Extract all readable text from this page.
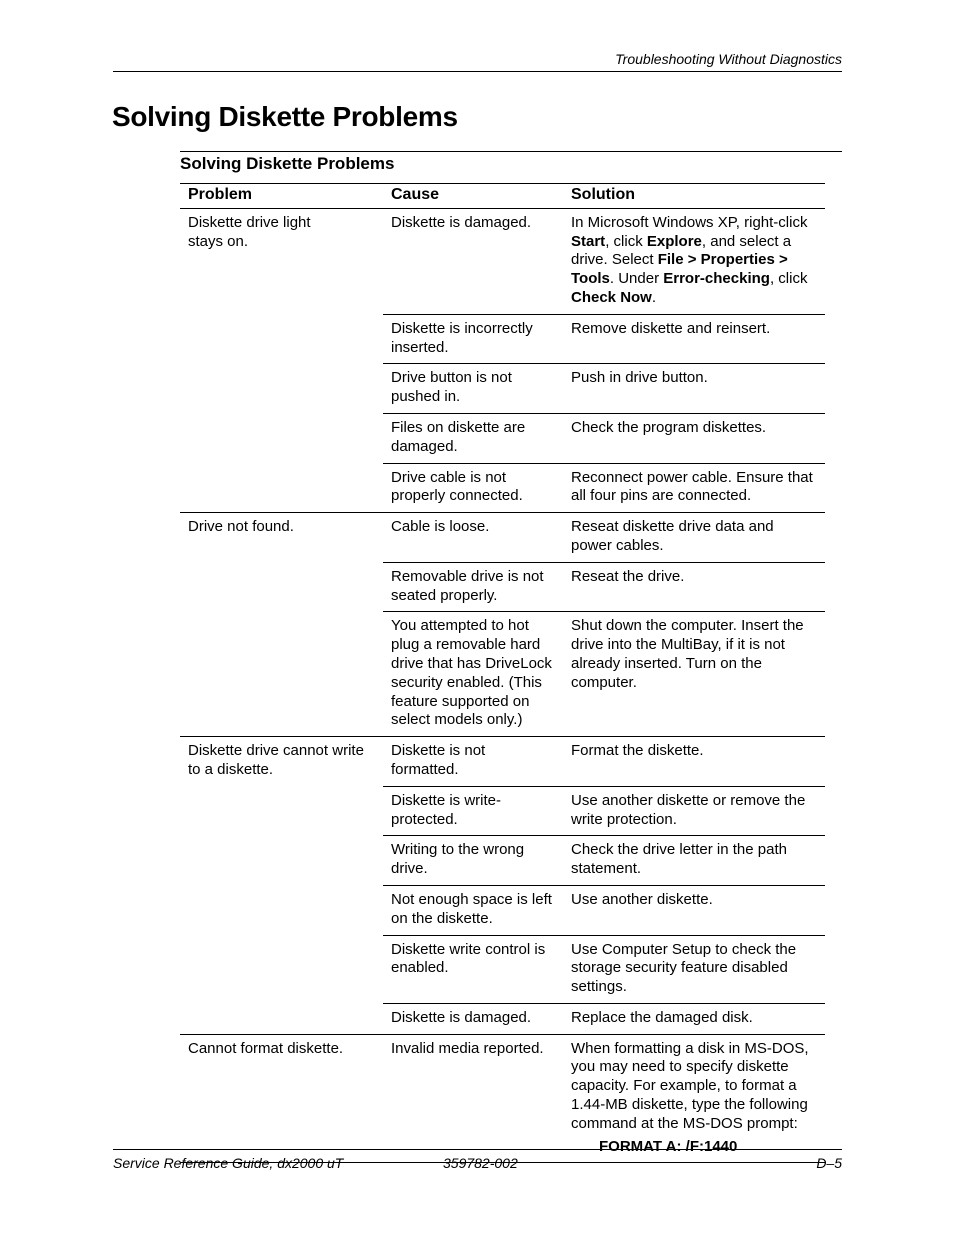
Troubleshooting Without Diagnostics
Solving Diskette Problems
Solving Diskette Problems
Problem	Cause	Solution

Diskette drive light stays on.	Diskette is damaged.	In Microsoft Windows XP, right-click Start, click Explore, and select a drive. Select File > Properties > Tools. Under Error-checking, click Check Now.
	Diskette is incorrectly inserted.	Remove diskette and reinsert.
	Drive button is not pushed in.	Push in drive button.
	Files on diskette are damaged.	Check the program diskettes.
	Drive cable is not properly connected.	Reconnect power cable. Ensure that all four pins are connected.
Drive not found.	Cable is loose.	Reseat diskette drive data and power cables.
	Removable drive is not seated properly.	Reseat the drive.
	You attempted to hot plug a removable hard drive that has DriveLock security enabled. (This feature supported on select models only.)	Shut down the computer. Insert the drive into the MultiBay, if it is not already inserted. Turn on the computer.
Diskette drive cannot write to a diskette.	Diskette is not formatted.	Format the diskette.
	Diskette is write-protected.	Use another diskette or remove the write protection.
	Writing to the wrong drive.	Check the drive letter in the path statement.
	Not enough space is left on the diskette.	Use another diskette.
	Diskette write control is enabled.	Use Computer Setup to check the storage security feature disabled settings.
	Diskette is damaged.	Replace the damaged disk.
Cannot format diskette.	Invalid media reported.	When formatting a disk in MS-DOS, you may need to specify diskette capacity. For example, to format a 1.44-MB diskette, type the following command at the MS-DOS prompt:
FORMAT A: /F:1440
Service Reference Guide, dx2000 uT	359782-002	D–5
